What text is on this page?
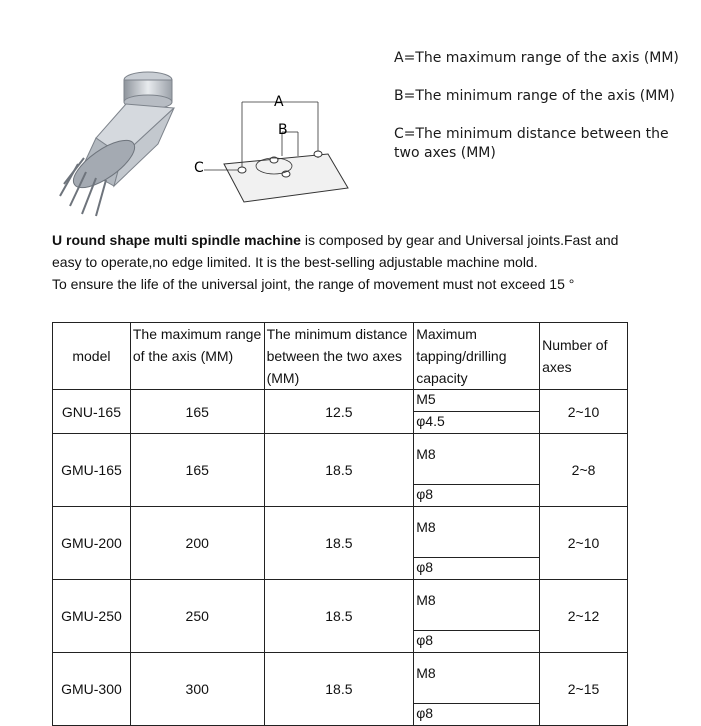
A
B
C

A=The maximum range of the axis (MM)

B=The minimum range of the axis (MM)

C=The minimum distance between the two axes (MM)

U round shape multi spindle machine is composed by gear and Universal joints.Fast and easy to operate,no edge limited. It is the best-selling adjustable machine mold.

To ensure the life of the universal joint, the range of movement must not exceed 15 °

model	The maximum range of the axis (MM)	The minimum distance between the two axes (MM)	Maximum tapping/drilling capacity	Number of axes
GNU-165	165	12.5	M5	2~10
			φ4.5	
GMU-165	165	18.5	M8	2~8
			φ8	
GMU-200	200	18.5	M8	2~10
			φ8	
GMU-250	250	18.5	M8	2~12
			φ8	
GMU-300	300	18.5	M8	2~15
			φ8	
